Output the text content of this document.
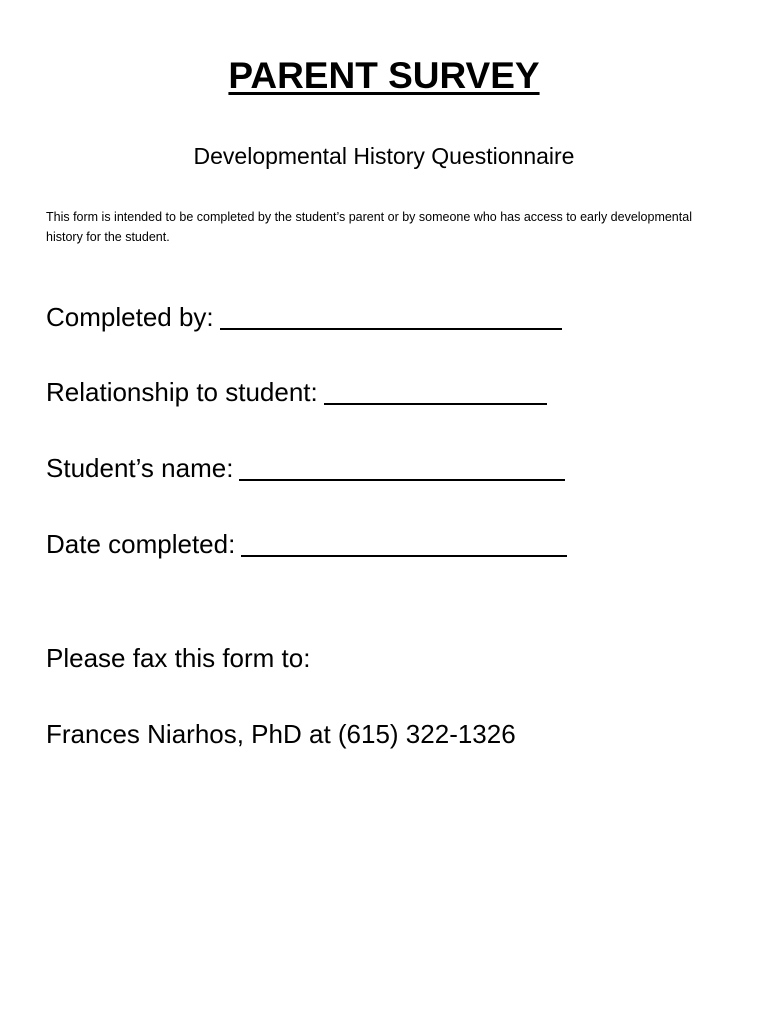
PARENT SURVEY

Developmental History Questionnaire

This form is intended to be completed by the student’s parent or by someone who has access to early developmental history for the student.

Completed by:
Relationship to student:
Student’s name:
Date completed:

Please fax this form to:

Frances Niarhos, PhD at (615) 322-1326
